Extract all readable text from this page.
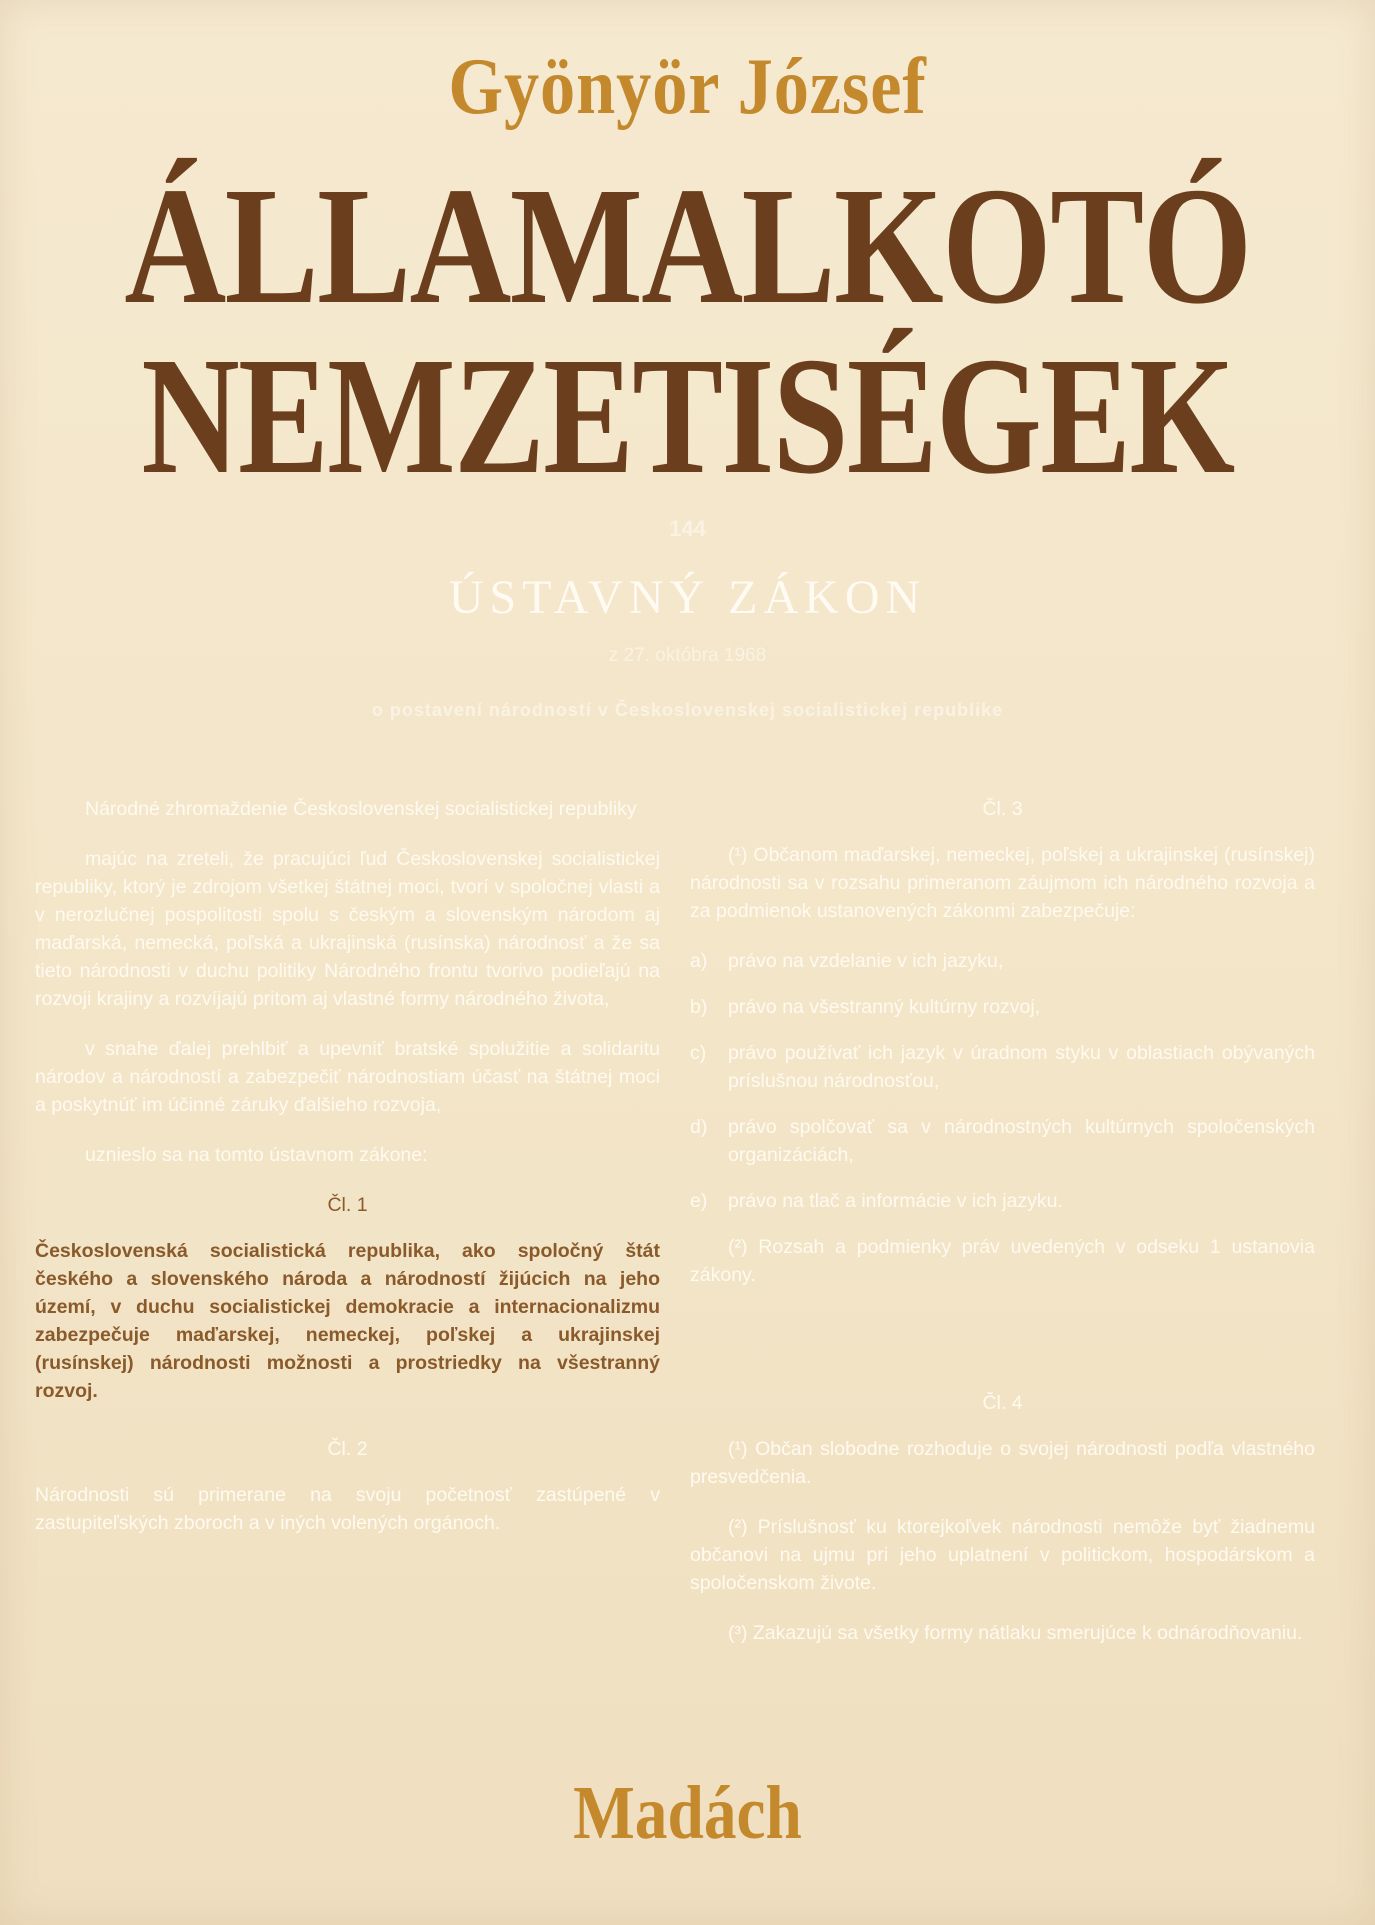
Gyönyör József
ÁLLAMALKOTÓ
NEMZETISÉGEK
144
ÚSTAVNÝ ZÁKON
z 27. októbra 1968
o postavení národností v Československej socialistickej republike

Národné zhromaždenie Československej socialistickej republiky

majúc na zreteli, že pracujúci ľud Československej socialistickej republiky, ktorý je zdrojom všetkej štátnej moci, tvorí v spoločnej vlasti a v nerozlučnej pospolitosti spolu s českým a slovenským národom aj maďarská, nemecká, poľská a ukrajinská (rusínska) národnosť a že sa tieto národnosti v duchu politiky Národného frontu tvorivo podieľajú na rozvoji krajiny a rozvíjajú pritom aj vlastné formy národného života,

v snahe ďalej prehlbiť a upevniť bratské spolužitie a solidaritu národov a národností a zabezpečiť národnostiam účasť na štátnej moci a poskytnúť im účinné záruky ďalšieho rozvoja,

uznieslo sa na tomto ústavnom zákone:

Čl. 1

Československá socialistická republika, ako spoločný štát českého a slovenského národa a národností žijúcich na jeho území, v duchu socialistickej demokracie a internacionalizmu zabezpečuje maďarskej, nemeckej, poľskej a ukrajinskej (rusínskej) národnosti možnosti a prostriedky na všestranný rozvoj.

Čl. 2

Národnosti sú primerane na svoju početnosť zastúpené v zastupiteľských zboroch a v iných volených orgánoch.

Čl. 3

(¹) Občanom maďarskej, nemeckej, poľskej a ukrajinskej (rusínskej) národnosti sa v rozsahu primeranom záujmom ich národného rozvoja a za podmienok ustanovených zákonmi zabezpečuje:

a) právo na vzdelanie v ich jazyku,
b) právo na všestranný kultúrny rozvoj,
c) právo používať ich jazyk v úradnom styku v oblastiach obývaných príslušnou národnosťou,
d) právo spolčovať sa v národnostných kultúrnych spoločenských organizáciách,
e) právo na tlač a informácie v ich jazyku.

(²) Rozsah a podmienky práv uvedených v odseku 1 ustanovia zákony.

Čl. 4

(¹) Občan slobodne rozhoduje o svojej národnosti podľa vlastného presvedčenia.

(²) Príslušnosť ku ktorejkoľvek národnosti nemôže byť žiadnemu občanovi na ujmu pri jeho uplatnení v politickom, hospodárskom a spoločenskom živote.

(³) Zakazujú sa všetky formy nátlaku smerujúce k odnárodňovaniu.

Madách
